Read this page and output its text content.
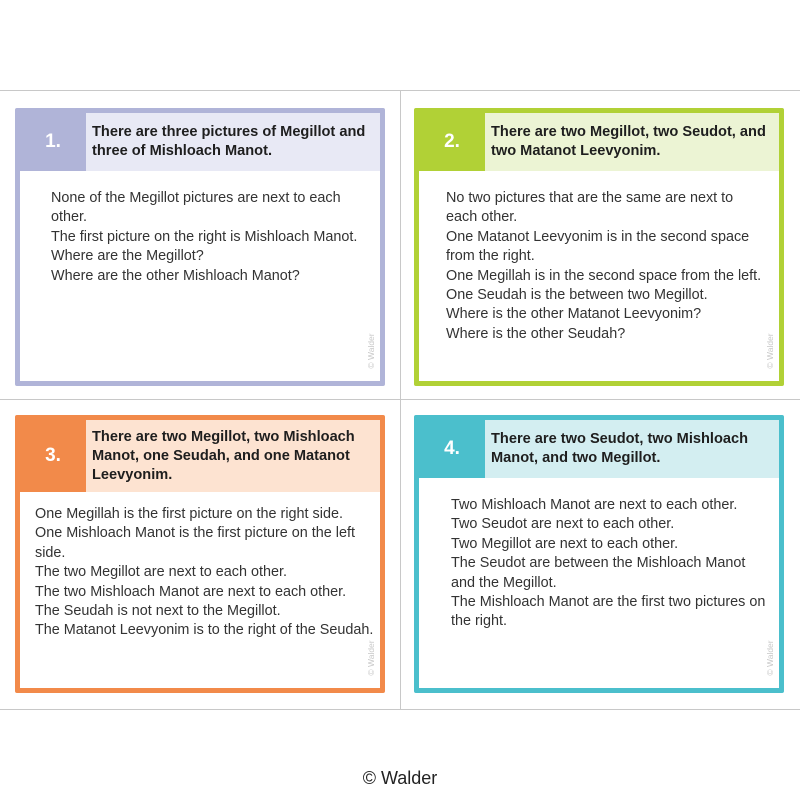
1.	There are three pictures of Megillot and three of Mishloach Manot.

None of the Megillot pictures are next to each other.

The first picture on the right is Mishloach Manot.

Where are the Megillot?

Where are the other Mishloach Manot?

© Walder
2.	There are two Megillot, two Seudot, and two Matanot Leevyonim.

No two pictures that are the same are next to each other.

One Matanot Leevyonim is in the second space from the right.

One Megillah is in the second space from the left.

One Seudah is the between two Megillot.

Where is the other Matanot Leevyonim?

Where is the other Seudah?	© Walder
3.
There are two Megillot, two Mishloach Manot, one Seudah, and one Matanot Leevyonim.

One Megillah is the first picture on the right side.

One Mishloach Manot is the first picture on the left side.

The two Megillot are next to each other.

The two Mishloach Manot are next to each other.

The Seudah is not next to the Megillot.

The Matanot Leevyonim is to the right of the Seudah.

© Walder
4.	There are two Seudot, two Mishloach Manot, and two Megillot.

Two Mishloach Manot are next to each other.

Two Seudot are next to each other.

Two Megillot are next to each other.

The Seudot are between the Mishloach Manot and the Megillot.

The Mishloach Manot are the first two pictures on the right.

© Walder
© Walder
